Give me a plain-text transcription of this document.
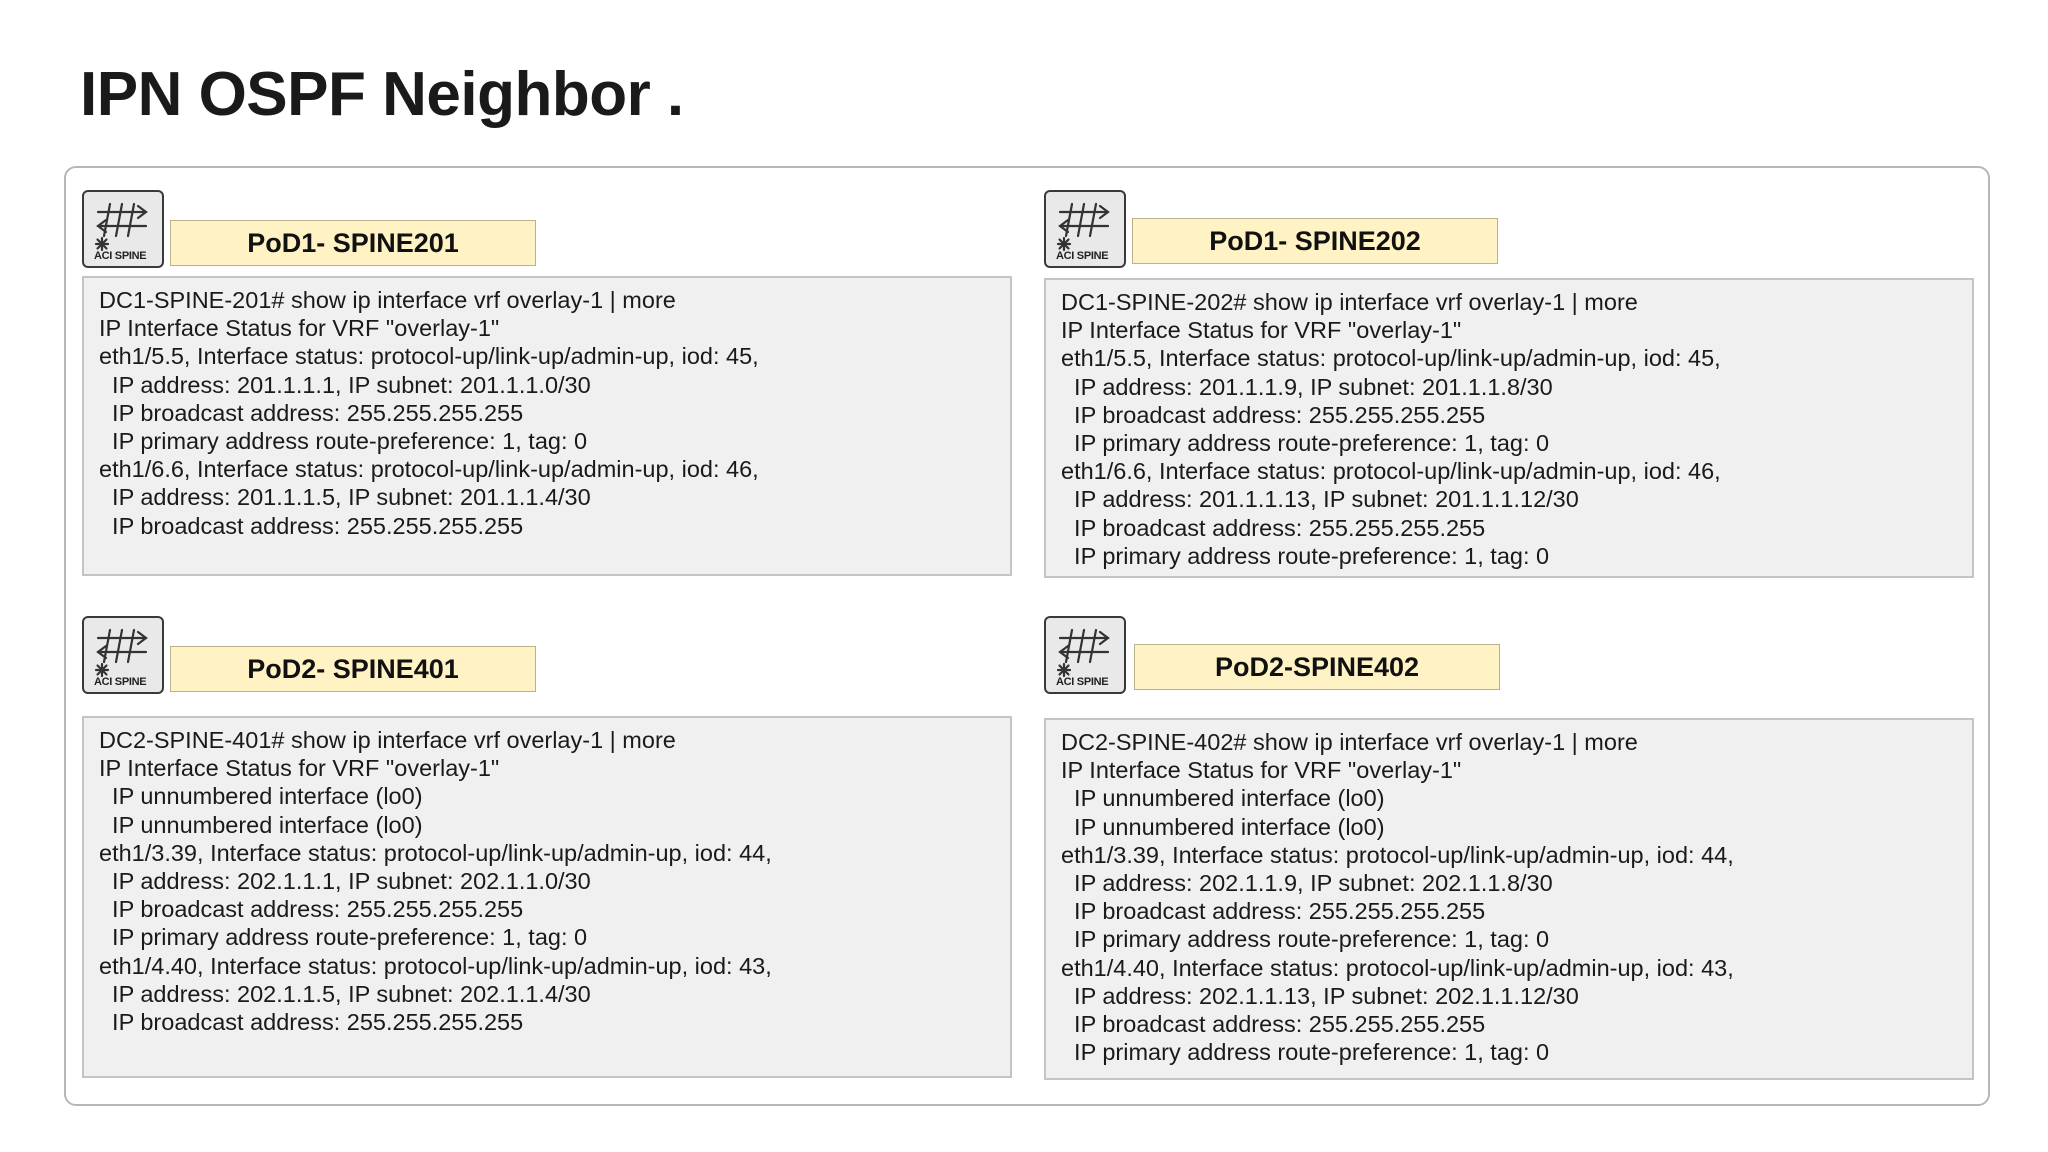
IPN OSPF Neighbor .
ACI SPINE	PoD1- SPINE201
DC1-SPINE-201# show ip interface vrf overlay-1 | more
IP Interface Status for VRF "overlay-1"
eth1/5.5, Interface status: protocol-up/link-up/admin-up, iod: 45,
IP address: 201.1.1.1, IP subnet: 201.1.1.0/30
IP broadcast address: 255.255.255.255
IP primary address route-preference: 1, tag: 0
eth1/6.6, Interface status: protocol-up/link-up/admin-up, iod: 46,
IP address: 201.1.1.5, IP subnet: 201.1.1.4/30
IP broadcast address: 255.255.255.255
ACI SPINE
PoD1- SPINE202
DC1-SPINE-202# show ip interface vrf overlay-1 | more
IP Interface Status for VRF "overlay-1"
eth1/5.5, Interface status: protocol-up/link-up/admin-up, iod: 45,
IP address: 201.1.1.9, IP subnet: 201.1.1.8/30
IP broadcast address: 255.255.255.255
IP primary address route-preference: 1, tag: 0
eth1/6.6, Interface status: protocol-up/link-up/admin-up, iod: 46,
IP address: 201.1.1.13, IP subnet: 201.1.1.12/30
IP broadcast address: 255.255.255.255
IP primary address route-preference: 1, tag: 0
ACI SPINE	PoD2- SPINE401
DC2-SPINE-401# show ip interface vrf overlay-1 | more
IP Interface Status for VRF "overlay-1"
IP unnumbered interface (lo0)
IP unnumbered interface (lo0)
eth1/3.39, Interface status: protocol-up/link-up/admin-up, iod: 44,
IP address: 202.1.1.1, IP subnet: 202.1.1.0/30
IP broadcast address: 255.255.255.255
IP primary address route-preference: 1, tag: 0
eth1/4.40, Interface status: protocol-up/link-up/admin-up, iod: 43,
IP address: 202.1.1.5, IP subnet: 202.1.1.4/30
IP broadcast address: 255.255.255.255
ACI SPINE
PoD2-SPINE402
DC2-SPINE-402# show ip interface vrf overlay-1 | more
IP Interface Status for VRF "overlay-1"
IP unnumbered interface (lo0)
IP unnumbered interface (lo0)
eth1/3.39, Interface status: protocol-up/link-up/admin-up, iod: 44,
IP address: 202.1.1.9, IP subnet: 202.1.1.8/30
IP broadcast address: 255.255.255.255
IP primary address route-preference: 1, tag: 0
eth1/4.40, Interface status: protocol-up/link-up/admin-up, iod: 43,
IP address: 202.1.1.13, IP subnet: 202.1.1.12/30
IP broadcast address: 255.255.255.255
IP primary address route-preference: 1, tag: 0
